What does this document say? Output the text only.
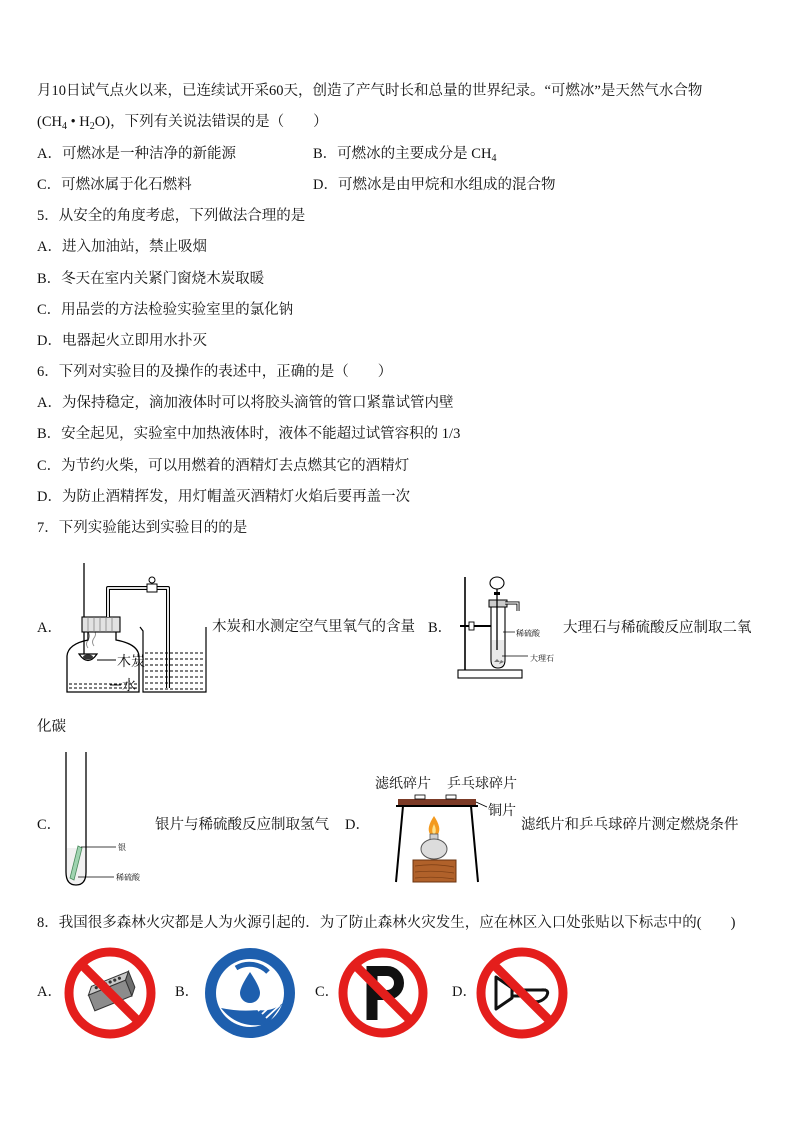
月10日试气点火以来，已连续试开采60天，创造了产气时长和总量的世界纪录。“可燃冰”是天然气水合物
($CH_4$ • $H_2O$)，下列有关说法错误的是（　　）
A．可燃冰是一种洁净的新能源	B．可燃冰的主要成分是 $CH_4$
C．可燃冰属于化石燃料	D．可燃冰是由甲烷和水组成的混合物
5．从安全的角度考虑，下列做法合理的是
A．进入加油站，禁止吸烟
B．冬天在室内关紧门窗烧木炭取暖
C．用品尝的方法检验实验室里的氯化钠
D．电器起火立即用水扑灭
6．下列对实验目的及操作的表述中，正确的是（　　）
A．为保持稳定，滴加液体时可以将胶头滴管的管口紧靠试管内壁
B．安全起见，实验室中加热液体时，液体不能超过试管容积的 1/3
C．为节约火柴，可以用燃着的酒精灯去点燃其它的酒精灯
D．为防止酒精挥发，用灯帽盖灭酒精灯火焰后要再盖一次
7．下列实验能达到实验目的的是
A．
木炭
水
木炭和水测定空气里氧气的含量 B．	稀硫酸
大理石
大理石与稀硫酸反应制取二氧
化碳
C．
银
稀硫酸
银片与稀硫酸反应制取氢气 D．
滤纸碎片 乒乓球碎片
铜片
滤纸片和乒乓球碎片测定燃烧条件
8．我国很多森林火灾都是人为火源引起的．为了防止森林火灾发生，应在林区入口处张贴以下标志中的(　　)
A．	B．	C．	D．
